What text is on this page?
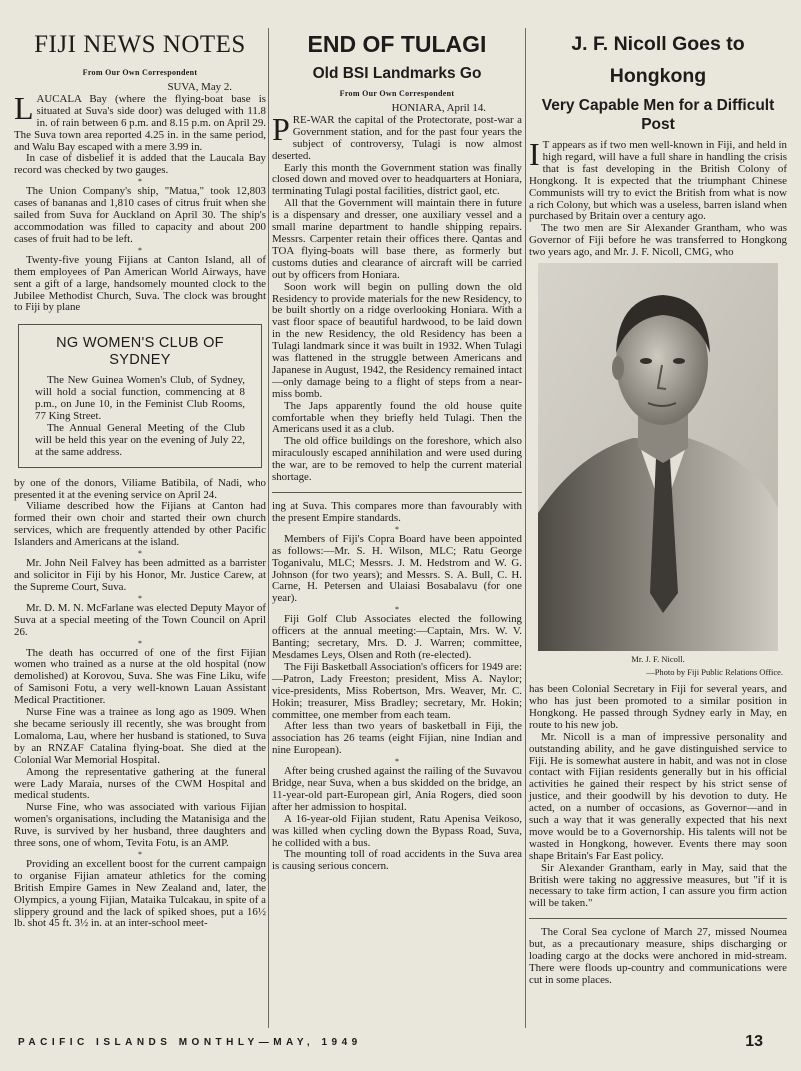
FIJI NEWS NOTES
From Our Own Correspondent
SUVA, May 2.

LAUCALA Bay (where the flying-boat base is situated at Suva's side door) was deluged with 11.8 in. of rain between 6 p.m. and 8.15 p.m. on April 29. The Suva town area reported 4.25 in. in the same period, and Walu Bay escaped with a mere 3.99 in.

In case of disbelief it is added that the Laucala Bay record was checked by two gauges.

*

The Union Company's ship, "Matua," took 12,803 cases of bananas and 1,810 cases of citrus fruit when she sailed from Suva for Auckland on April 30. The ship's accommodation was filled to capacity and about 200 cases of fruit had to be left.

*

Twenty-five young Fijians at Canton Island, all of them employees of Pan American World Airways, have sent a gift of a large, handsomely mounted clock to the Jubilee Methodist Church, Suva. The clock was brought to Fiji by plane

NG WOMEN'S CLUB OF
SYDNEY

The New Guinea Women's Club, of Sydney, will hold a social function, commencing at 8 p.m., on June 10, in the Feminist Club Rooms, 77 King Street.

The Annual General Meeting of the Club will be held this year on the evening of July 22, at the same address.

by one of the donors, Viliame Batibila, of Nadi, who presented it at the evening service on April 24.

Viliame described how the Fijians at Canton had formed their own choir and started their own church services, which are frequently attended by other Pacific Islanders and Americans at the island.

*

Mr. John Neil Falvey has been admitted as a barrister and solicitor in Fiji by his Honor, Mr. Justice Carew, at the Supreme Court, Suva.

*

Mr. D. M. N. McFarlane was elected Deputy Mayor of Suva at a special meeting of the Town Council on April 26.

*

The death has occurred of one of the first Fijian women who trained as a nurse at the old hospital (now demolished) at Korovou, Suva. She was Fine Liku, wife of Samisoni Fotu, a very well-known Lauan Assistant Medical Practitioner.

Nurse Fine was a trainee as long ago as 1909. When she became seriously ill recently, she was brought from Lomaloma, Lau, where her husband is stationed, to Suva by an RNZAF Catalina flying-boat. She died at the Colonial War Memorial Hospital.

Among the representative gathering at the funeral were Lady Maraia, nurses of the CWM Hospital and medical students.

Nurse Fine, who was associated with various Fijian women's organisations, including the Matanisiga and the Ruve, is survived by her husband, three daughters and three sons, one of whom, Tevita Fotu, is an AMP.

*

Providing an excellent boost for the current campaign to organise Fijian amateur athletics for the coming British Empire Games in New Zealand and, later, the Olympics, a young Fijian, Mataika Tulcakau, in spite of a slippery ground and the lack of spiked shoes, put a 16½ lb. shot 45 ft. 3½ in. at an inter-school meet-

END OF TULAGI
Old BSI Landmarks Go
From Our Own Correspondent
HONIARA, April 14.

PRE-WAR the capital of the Protectorate, post-war a Government station, and for the past four years the subject of controversy, Tulagi is now almost deserted.

Early this month the Government station was finally closed down and moved over to headquarters at Honiara, terminating Tulagi postal facilities, district gaol, etc.

All that the Government will maintain there in future is a dispensary and dresser, one auxiliary vessel and a small marine department to handle shipping repairs. Messrs. Carpenter retain their offices there. Qantas and TOA flying-boats will base there, as formerly but customs duties and clearance of aircraft will be carried out by officers from Honiara.

Soon work will begin on pulling down the old Residency to provide materials for the new Residency, to be built shortly on a ridge overlooking Honiara. With a vast floor space of beautiful hardwood, to be laid down in the new Residency, the old Residency has been a Tulagi landmark since it was built in 1932. When Tulagi was flattened in the struggle between Americans and Japanese in August, 1942, the Residency remained intact—only damage being to a flight of steps from a near-miss bomb.

The Japs apparently found the old house quite comfortable when they briefly held Tulagi. Then the Americans used it as a club.

The old office buildings on the foreshore, which also miraculously escaped annihilation and were used during the war, are to be removed to help the current material shortage.

ing at Suva. This compares more than favourably with the present Empire standards.

*

Members of Fiji's Copra Board have been appointed as follows:—Mr. S. H. Wilson, MLC; Ratu George Toganivalu, MLC; Messrs. J. M. Hedstrom and W. G. Johnson (for two years); and Messrs. S. A. Bull, C. H. Carne, H. Petersen and Ulaiasi Bosabalavu (for one year).

*

Fiji Golf Club Associates elected the following officers at the annual meeting:—Captain, Mrs. W. V. Banting; secretary, Mrs. D. J. Warren; committee, Mesdames Leys, Olsen and Roth (re-elected).

The Fiji Basketball Association's officers for 1949 are:—Patron, Lady Freeston; president, Miss A. Naylor; vice-presidents, Miss Robertson, Mrs. Weaver, Mr. C. Hokin; treasurer, Miss Bradley; secretary, Mr. Hokin; committee, one member from each team.

After less than two years of basketball in Fiji, the association has 26 teams (eight Fijian, nine Indian and nine European).

*

After being crushed against the railing of the Suvavou Bridge, near Suva, when a bus skidded on the bridge, an 11-year-old part-European girl, Ania Rogers, died soon after her admission to hospital.

A 16-year-old Fijian student, Ratu Apenisa Veikoso, was killed when cycling down the Bypass Road, Suva, he collided with a bus.

The mounting toll of road accidents in the Suva area is causing serious concern.

J. F. Nicoll Goes to Hongkong
Very Capable Men for a Difficult Post

I T appears as if two men well-known in Fiji, and held in high regard, will have a full share in handling the crisis that is fast developing in the British Colony of Hongkong. It is expected that the triumphant Chinese Communists will try to evict the British from what is now a rich Colony, but which was a useless, barren island when purchased by Britain over a century ago.

The two men are Sir Alexander Grantham, who was Governor of Fiji before he was transferred to Hongkong two years ago, and Mr. J. F. Nicoll, CMG, who

Mr. J. F. Nicoll.
—Photo by Fiji Public Relations Office.

has been Colonial Secretary in Fiji for several years, and who has just been promoted to a similar position in Hongkong. He passed through Sydney early in May, en route to his new job.

Mr. Nicoll is a man of impressive personality and outstanding ability, and he gave distinguished service to Fiji. He is somewhat austere in habit, and was not in close contact with Fijian residents generally but in his official activities he gained their respect by his strict sense of justice, and their goodwill by his devotion to duty. He acted, on a number of occasions, as Governor—and in such a way that it was generally expected that his next move would be to a Governorship. His talents will not be wasted in Hongkong, however. Events there may soon shape Britain's Far East policy.

Sir Alexander Grantham, early in May, said that the British were taking no aggressive measures, but "if it is necessary to take firm action, I can assure you firm action will be taken."

The Coral Sea cyclone of March 27, missed Noumea but, as a precautionary measure, ships discharging or loading cargo at the docks were anchored in mid-stream. There were floods up-country and communications were cut in some places.

PACIFIC ISLANDS MONTHLY—MAY, 1949	13
